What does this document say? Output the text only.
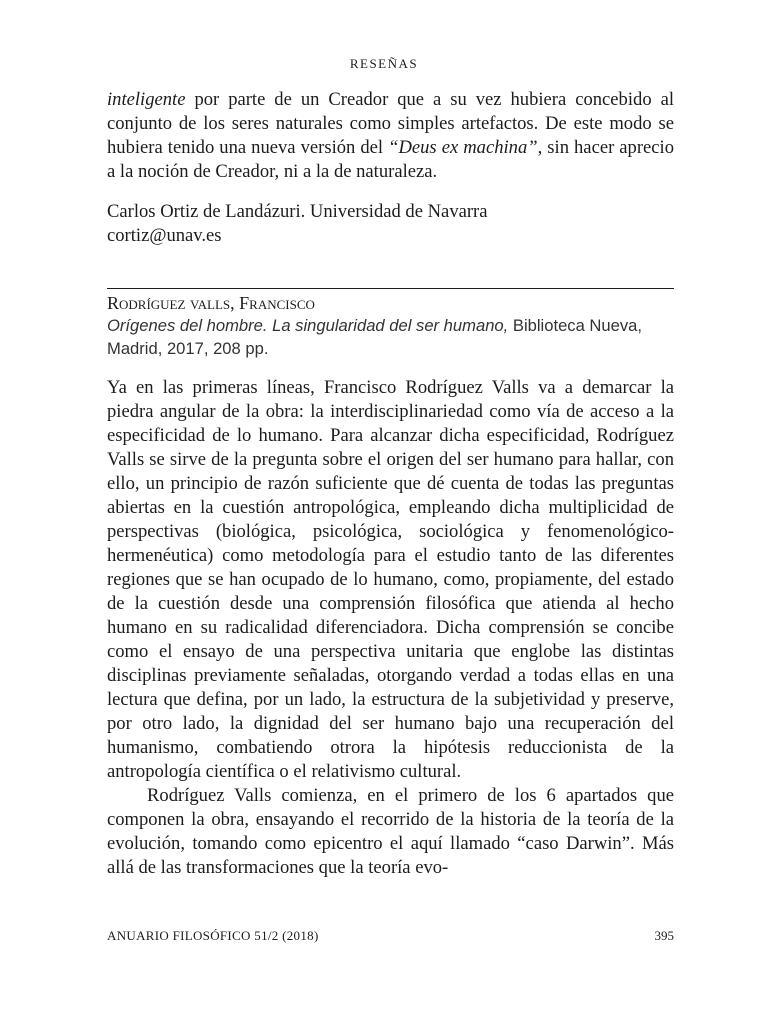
RESEÑAS

inteligente por parte de un Creador que a su vez hubiera concebido al conjunto de los seres naturales como simples artefactos. De este modo se hubiera tenido una nueva versión del “Deus ex machina”, sin hacer aprecio a la noción de Creador, ni a la de naturaleza.

Carlos Ortiz de Landázuri. Universidad de Navarra
cortiz@unav.es
Rodríguez valls, Francisco
Orígenes del hombre. La singularidad del ser humano, Biblioteca Nueva, Madrid, 2017, 208 pp.

Ya en las primeras líneas, Francisco Rodríguez Valls va a demarcar la piedra angular de la obra: la interdisciplinariedad como vía de acceso a la especificidad de lo humano. Para alcanzar dicha especificidad, Rodríguez Valls se sirve de la pregunta sobre el origen del ser humano para hallar, con ello, un principio de razón suficiente que dé cuenta de todas las preguntas abiertas en la cuestión antropológica, empleando dicha multiplicidad de perspectivas (biológica, psicológica, sociológica y fenomenológico-hermenéutica) como metodología para el estudio tanto de las diferentes regiones que se han ocupado de lo humano, como, propiamente, del estado de la cuestión desde una comprensión filosófica que atienda al hecho humano en su radicalidad diferenciadora. Dicha comprensión se concibe como el ensayo de una perspectiva unitaria que englobe las distintas disciplinas previamente señaladas, otorgando verdad a todas ellas en una lectura que defina, por un lado, la estructura de la subjetividad y preserve, por otro lado, la dignidad del ser humano bajo una recuperación del humanismo, combatiendo otrora la hipótesis reduccionista de la antropología científica o el relativismo cultural.

Rodríguez Valls comienza, en el primero de los 6 apartados que componen la obra, ensayando el recorrido de la historia de la teoría de la evolución, tomando como epicentro el aquí llamado “caso Darwin”. Más allá de las transformaciones que la teoría evo-

ANUARIO FILOSÓFICO 51/2 (2018)	395
